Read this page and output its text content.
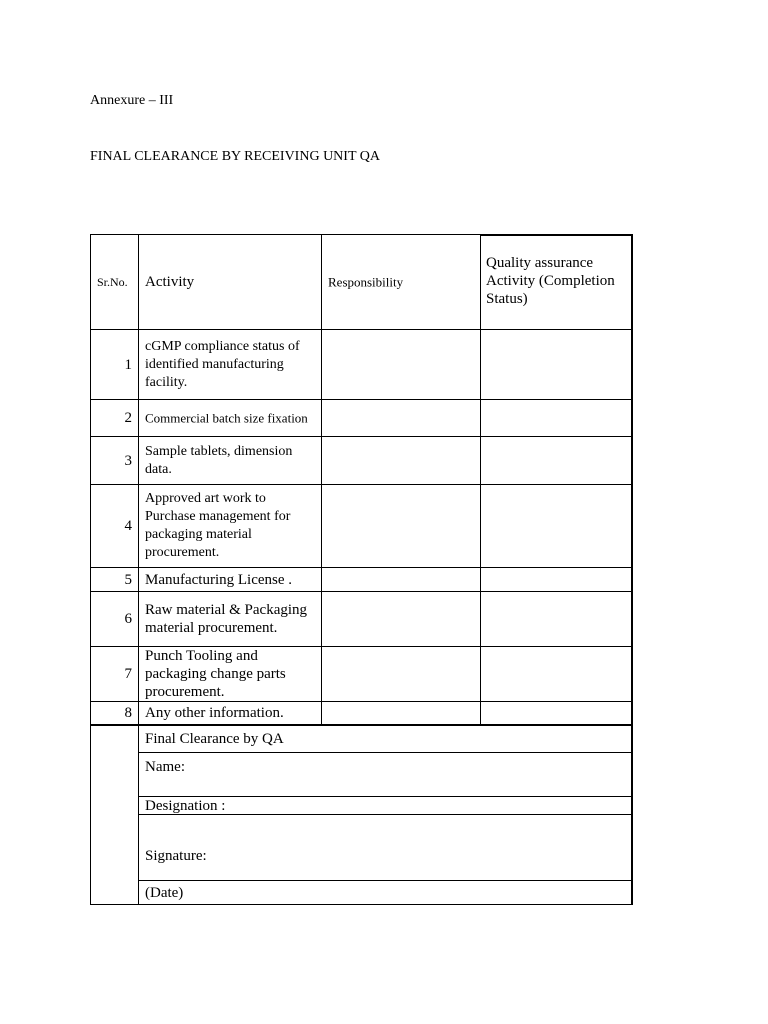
Annexure – III
FINAL CLEARANCE BY RECEIVING UNIT QA
Sr.No.	Activity	Responsibility
Quality assurance Activity (Completion Status)
1
cGMP compliance status of identified manufacturing facility.
2 Commercial batch size fixation
3
Sample tablets, dimension data.
4
Approved art work to Purchase management for packaging material procurement.
5 Manufacturing License .
6
Raw material & Packaging material procurement.
7
Punch Tooling and packaging change parts procurement.
8 Any other information.
Final Clearance by QA
Name:
Designation :
Signature:
(Date)
